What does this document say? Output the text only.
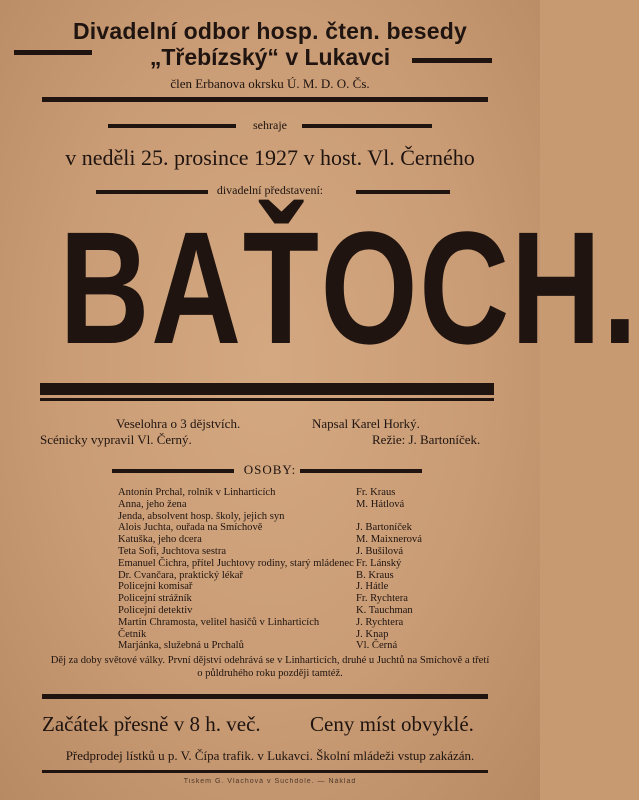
Divadelní odbor hosp. čten. besedy
„Třebízský“ v Lukavci
člen Erbanova okrsku Ú. M. D. O. Čs.
sehraje
v neděli 25. prosince 1927 v host. Vl. Černého
divadelní představení:
BAŤOCH.
Veselohra o 3 dějstvích.	Napsal Karel Horký.
Scénicky vypravil Vl. Černý.	Režie: J. Bartoníček.
OSOBY:
Antonín Prchal, rolník v Linharticích	Fr. Kraus
Anna, jeho žena	M. Hátlová
Jenda, absolvent hosp. školy, jejich syn
Alois Juchta, ouřada na Smíchově	J. Bartoníček
Katuška, jeho dcera	M. Maixnerová
Teta Sofi, Juchtova sestra	J. Bušilová
Emanuel Čichra, přítel Juchtovy rodiny, starý mládenec Fr. Lánský
Dr. Cvančara, praktický lékař	B. Kraus
Policejní komisař	J. Hátle
Policejní strážník	Fr. Rychtera
Policejní detektiv	K. Tauchman
Martin Chramosta, velitel hasičů v Linharticích	J. Rychtera
Četník	J. Knap
Marjánka, služebná u Prchalů	Vl. Černá
Děj za doby světové války. První dějství odehrává se v Linharticích, druhé u Juchtů na Smíchově a třetí
o půldruhého roku později tamtéž.
Začátek přesně v 8 h. več. Ceny míst obvyklé.
Předprodej lístků u p. V. Čípa trafik. v Lukavci. Školní mládeži vstup zakázán.
Tiskem G. Vlachová v Suchdole. — Náklad
